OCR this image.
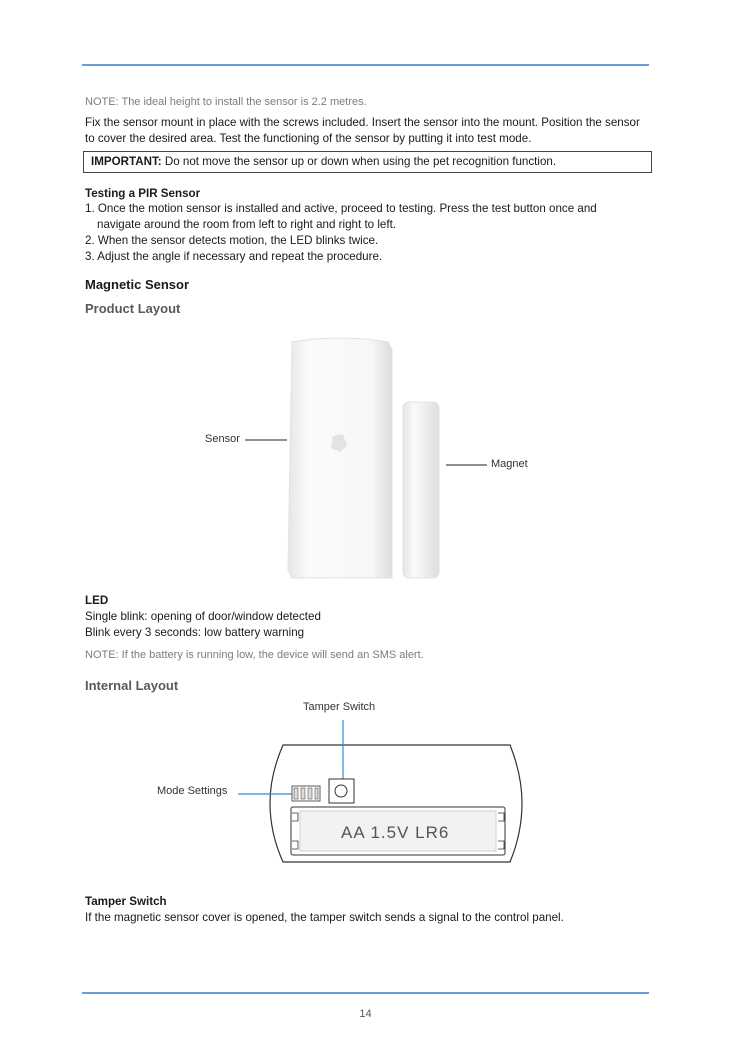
NOTE: The ideal height to install the sensor is 2.2 metres.

Fix the sensor mount in place with the screws included. Insert the sensor into the mount. Position the sensor to cover the desired area. Test the functioning of the sensor by putting it into test mode.

IMPORTANT: Do not move the sensor up or down when using the pet recognition function.
Testing a PIR Sensor
1. Once the motion sensor is installed and active, proceed to testing. Press the test button once and
navigate around the room from left to right and right to left.
2. When the sensor detects motion, the LED blinks twice.
3. Adjust the angle if necessary and repeat the procedure.
Magnetic Sensor
Product Layout
Sensor
Magnet
LED
Single blink: opening of door/window detected
Blink every 3 seconds: low battery warning
NOTE: If the battery is running low, the device will send an SMS alert.
Internal Layout
Tamper Switch
Mode Settings
AA 1.5V LR6
Tamper Switch
If the magnetic sensor cover is opened, the tamper switch sends a signal to the control panel.
14
